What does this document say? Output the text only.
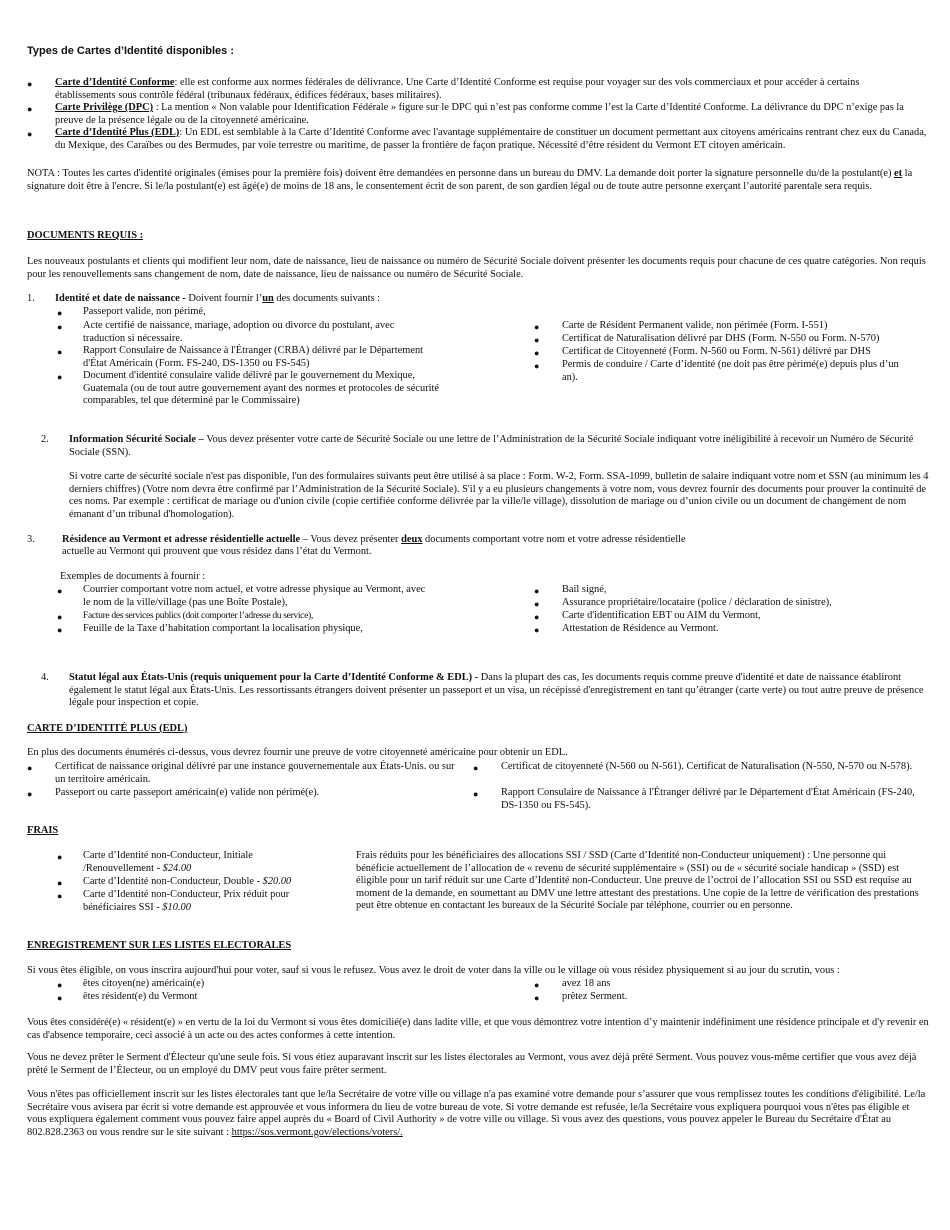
Types de Cartes d’Identité disponibles :
● Carte d’Identité Conforme: elle est conforme aux normes fédérales de délivrance. Une Carte d’Identité Conforme est requise pour voyager sur des vols commerciaux et pour accéder à certains établissements sous contrôle fédéral (tribunaux fédéraux, édifices fédéraux, bases militaires).
● Carte Privilège (DPC) : La mention « Non valable pour Identification Fédérale » figure sur le DPC qui n’est pas conforme comme l’est la Carte d’Identité Conforme. La délivrance du DPC n’exige pas la preuve de la présence légale ou de la citoyenneté américaine.
● Carte d’Identité Plus (EDL): Un EDL est semblable à la Carte d’Identité Conforme avec l'avantage supplémentaire de constituer un document permettant aux citoyens américains rentrant chez eux du Canada, du Mexique, des Caraïbes ou des Bermudes, par voie terrestre ou maritime, de passer la frontière de façon pratique. Nécessité d’être résident du Vermont ET citoyen américain.
NOTA : Toutes les cartes d'identité originales (émises pour la première fois) doivent être demandées en personne dans un bureau du DMV. La demande doit porter la signature personnelle du/de la postulant(e) et la signature doit être à l'encre. Si le/la postulant(e) est âgé(e) de moins de 18 ans, le consentement écrit de son parent, de son gardien légal ou de toute autre personne exerçant l’autorité parentale sera requis.
DOCUMENTS REQUIS :
Les nouveaux postulants et clients qui modifient leur nom, date de naissance, lieu de naissance ou numéro de Sécurité Sociale doivent présenter les documents requis pour chacune de ces quatre catégories. Non requis pour les renouvellements sans changement de nom, date de naissance, lieu de naissance ou numéro de Sécurité Sociale.
1. Identité et date de naissance - Doivent fournir l’un des documents suivants :
● Passeport valide, non périmé,
● Acte certifié de naissance, mariage, adoption ou divorce du postulant, avec traduction si nécessaire.
● Rapport Consulaire de Naissance à l'Étranger (CRBA) délivré par le Département d'État Américain (Form. FS-240, DS-1350 ou FS-545)
● Document d'identité consulaire valide délivré par le gouvernement du Mexique, Guatemala (ou de tout autre gouvernement ayant des normes et protocoles de sécurité comparables, tel que déterminé par le Commissaire)
● Carte de Résident Permanent valide, non périmée (Form. I-551)
● Certificat de Naturalisation délivré par DHS (Form. N-550 ou Form. N-570)
● Certificat de Citoyenneté (Form. N-560 ou Form. N-561) délivré par DHS
● Permis de conduire / Carte d’identité (ne doit pas être périmé(e) depuis plus d’un an).
2. Information Sécurité Sociale – Vous devez présenter votre carte de Sécurité Sociale ou une lettre de l’Administration de la Sécurité Sociale indiquant votre inéligibilité à recevoir un Numéro de Sécurité Sociale (SSN).
Si votre carte de sécurité sociale n'est pas disponible, l'un des formulaires suivants peut être utilisé à sa place : Form. W-2, Form. SSA-1099, bulletin de salaire indiquant votre nom et SSN (au minimum les 4 derniers chiffres) (Votre nom devra être confirmé par l’Administration de la Sécurité Sociale). S'il y a eu plusieurs changements à votre nom, vous devrez fournir des documents pour prouver la continuité de ces noms. Par exemple : certificat de mariage ou d'union civile (copie certifiée conforme délivrée par la ville/le village), dissolution de mariage ou d’union civile ou un document de changement de nom émanant d’un tribunal d'homologation).
3.	Résidence au Vermont et adresse résidentielle actuelle – Vous devez présenter deux documents comportant votre nom et votre adresse résidentielle
actuelle au Vermont qui prouvent que vous résidez dans l’état du Vermont.
Exemples de documents à fournir :
● Courrier comportant votre nom actuel, et votre adresse physique au Vermont, avec le nom de la ville/village (pas une Boîte Postale),
● Facture des services publics (doit comporter l’adresse du service),
● Feuille de la Taxe d’habitation comportant la localisation physique,
● Bail signé,
● Assurance propriétaire/locataire (police / déclaration de sinistre),
● Carte d'identification EBT ou AIM du Vermont,
● Attestation de Résidence au Vermont.
4. Statut légal aux États-Unis (requis uniquement pour la Carte d’Identité Conforme & EDL) - Dans la plupart des cas, les documents requis comme preuve d'identité et date de naissance établiront également le statut légal aux États-Unis. Les ressortissants étrangers doivent présenter un passeport et un visa, un récépissé d'enregistrement en tant qu’étranger (carte verte) ou tout autre preuve de présence légale pour inspection et copie.
CARTE D’IDENTITÉ PLUS (EDL)
En plus des documents énumérés ci-dessus, vous devrez fournir une preuve de votre citoyenneté américaine pour obtenir un EDL.
● Certificat de naissance original délivré par une instance gouvernementale aux États-Unis. ou sur un territoire américain.
● Passeport ou carte passeport américain(e) valide non périmé(e).
● Certificat de citoyenneté (N-560 ou N-561). Certificat de Naturalisation (N-550, N-570 ou N-578).
● Rapport Consulaire de Naissance à l'Étranger délivré par le Département d'État Américain (FS-240, DS-1350 ou FS-545).
FRAIS
● Carte d’Identité non-Conducteur, Initiale /Renouvellement - $24.00
● Carte d’Identité non-Conducteur, Double - $20.00
● Carte d’Identité non-Conducteur, Prix réduit pour bénéficiaires SSI - $10.00
Frais réduits pour les bénéficiaires des allocations SSI / SSD (Carte d’Identité non-Conducteur uniquement) : Une personne qui bénéficie actuellement de l’allocation de « revenu de sécurité supplémentaire » (SSI) ou de « sécurité sociale handicap » (SSD) est éligible pour un tarif réduit sur une Carte d’Identité non-Conducteur. Une preuve de l’octroi de l’allocation SSI ou SSD est requise au moment de la demande, en soumettant au DMV une lettre attestant des prestations. Une copie de la lettre de vérification des prestations peut être obtenue en contactant les bureaux de la Sécurité Sociale par téléphone, courrier ou en personne.
ENREGISTREMENT SUR LES LISTES ELECTORALES
Si vous êtes éligible, on vous inscrira aujourd'hui pour voter, sauf si vous le refusez. Vous avez le droit de voter dans la ville ou le village où vous résidez physiquement si au jour du scrutin, vous :
● êtes citoyen(ne) américain(e)
● êtes résident(e) du Vermont
● avez 18 ans
● prêtez Serment.
Vous êtes considéré(e) « résident(e) » en vertu de la loi du Vermont si vous êtes domicilié(e) dans ladite ville, et que vous démontrez votre intention d’y maintenir indéfiniment une résidence principale et d'y revenir en cas d'absence temporaire, ceci associé à un acte ou des actes conformes à cette intention.
Vous ne devez prêter le Serment d'Électeur qu'une seule fois. Si vous étiez auparavant inscrit sur les listes électorales au Vermont, vous avez déjà prêté Serment. Vous pouvez vous-même certifier que vous avez déjà prêté le Serment de l’Électeur, ou un employé du DMV peut vous faire prêter serment.
Vous n'êtes pas officiellement inscrit sur les listes électorales tant que le/la Secrétaire de votre ville ou village n'a pas examiné votre demande pour s’assurer que vous remplissez toutes les conditions d'éligibilité. Le/la Secrétaire vous avisera par écrit si votre demande est approuvée et vous informera du lieu de votre bureau de vote. Si votre demande est refusée, le/la Secrétaire vous expliquera pourquoi vous n'êtes pas éligible et vous expliquera également comment vous pouvez faire appel auprès du « Board of Civil Authority » de votre ville ou village. Si vous avez des questions, vous pouvez appeler le Bureau du Secrétaire d'État au 802.828.2363 ou vous rendre sur le site suivant : https://sos.vermont.gov/elections/voters/.
